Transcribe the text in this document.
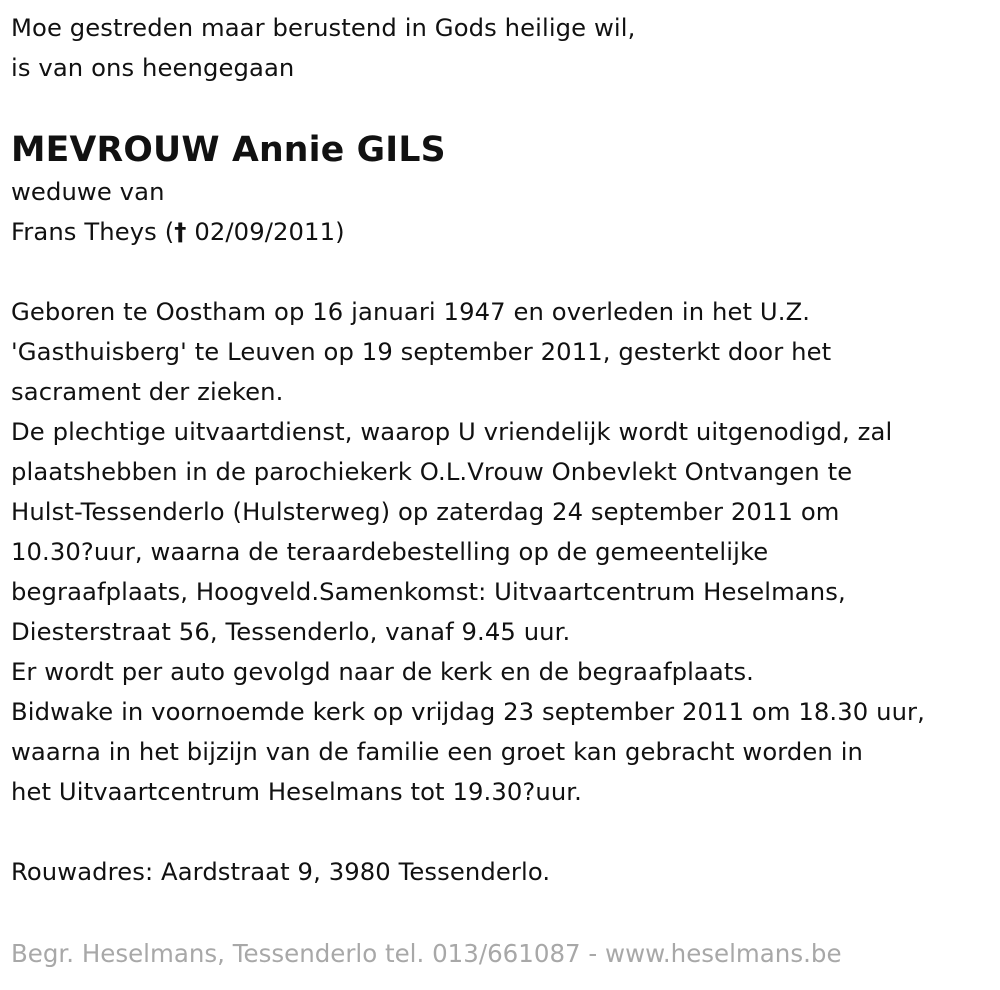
Moe gestreden maar berustend in Gods heilige wil,
is van ons heengegaan
MEVROUW Annie GILS
weduwe van
Frans Theys († 02/09/2011)
Geboren te Oostham op 16 januari 1947 en overleden in het U.Z.
'Gasthuisberg' te Leuven op 19 september 2011, gesterkt door het
sacrament der zieken.
De plechtige uitvaartdienst, waarop U vriendelijk wordt uitgenodigd, zal
plaatshebben in de parochiekerk O.L.Vrouw Onbevlekt Ontvangen te
Hulst-Tessenderlo (Hulsterweg) op zaterdag 24 september 2011 om
10.30?uur, waarna de teraardebestelling op de gemeentelijke
begraafplaats, Hoogveld.Samenkomst: Uitvaartcentrum Heselmans,
Diesterstraat 56, Tessenderlo, vanaf 9.45 uur.
Er wordt per auto gevolgd naar de kerk en de begraafplaats.
Bidwake in voornoemde kerk op vrijdag 23 september 2011 om 18.30 uur,
waarna in het bijzijn van de familie een groet kan gebracht worden in
het Uitvaartcentrum Heselmans tot 19.30?uur.
Rouwadres: Aardstraat 9, 3980 Tessenderlo.
Begr. Heselmans, Tessenderlo tel. 013/661087 - www.heselmans.be
